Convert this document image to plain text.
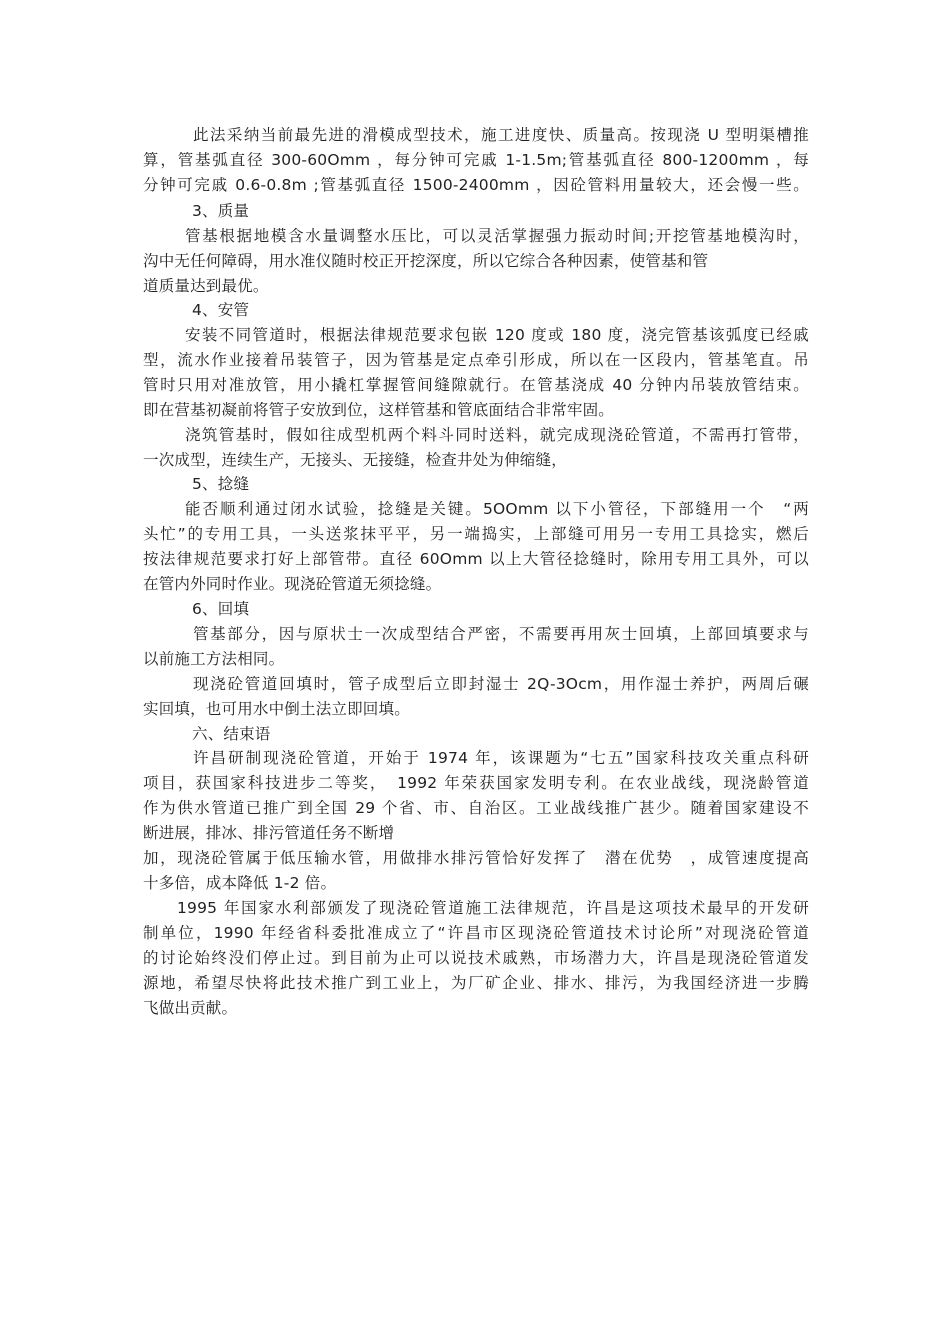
此法采纳当前最先进的滑模成型技术，施工进度快、质量高。按现浇 U 型明渠槽推
算，管基弧直径 300-60Omm ，每分钟可完戚 1-1.5m;管基弧直径 800-1200mm ，每
分钟可完戚 0.6-0.8m ;管基弧直径 1500-2400mm ，因砼管料用量较大，还会慢一些。
3、质量
管基根据地模含水量调整水压比，可以灵活掌握强力振动时间;开挖管基地模沟时，
沟中无任何障碍，用水准仪随时校正开挖深度，所以它综合各种因素，使管基和管
道质量达到最优。
4、安管
安装不同管道时，根据法律规范要求包嵌 120 度或 180 度，浇完管基该弧度已经戚
型，流水作业接着吊装管子，因为管基是定点牵引形成，所以在一区段内，管基笔直。吊
管时只用对准放管，用小撬杠掌握管间缝隙就行。在管基浇成 40 分钟内吊装放管结束。
即在营基初凝前将管子安放到位，这样管基和管底面结合非常牢固。
浇筑管基时，假如往成型机两个料斗同时送料，就完成现浇砼管道，不需再打管带，
一次成型，连续生产，无接头、无接缝，检查井处为伸缩缝，
5、捻缝
能否顺利通过闭水试验，捻缝是关键。5OOmm 以下小管径，下部缝用一个　“两
头忙”的专用工具，一头送浆抹平平，另一端捣实，上部缝可用另一专用工具捻实，燃后
按法律规范要求打好上部管带。直径 60Omm 以上大管径捻缝时，除用专用工具外，可以
在管内外同时作业。现浇砼管道无须捻缝。
6、回填
管基部分，因与原状士一次成型结合严密，不需要再用灰士回填，上部回填要求与
以前施工方法相同。
现浇砼管道回填时，管子成型后立即封湿士 2Q-3Ocm，用作湿士养护，两周后碾
实回填，也可用水中倒土法立即回填。
六、结束语
许昌研制现浇砼管道，开始于 1974 年，该课题为“七五”国家科技攻关重点科研
项目，获国家科技进步二等奖，　1992 年荣获国家发明专利。在农业战线，现浇龄管道
作为供水管道已推广到全国 29 个省、市、自治区。工业战线推广甚少。随着国家建设不
断进展，排冰、排污管道任务不断增
加，现浇砼管属于低压输水管，用做排水排污管恰好发挥了　潜在优势　，成管速度提高
十多倍，成本降低 1-2 倍。
1995 年国家水利部颁发了现浇砼管道施工法律规范，许昌是这项技术最早的开发研
制单位，1990 年经省科委批准成立了“许昌市区现浇砼管道技术讨论所”对现浇砼管道
的讨论始终没们停止过。到目前为止可以说技术戚熟，市场潜力大，许昌是现浇砼管道发
源地，希望尽快将此技术推广到工业上，为厂矿企业、排水、排污，为我国经济进一步腾
飞做出贡献。
